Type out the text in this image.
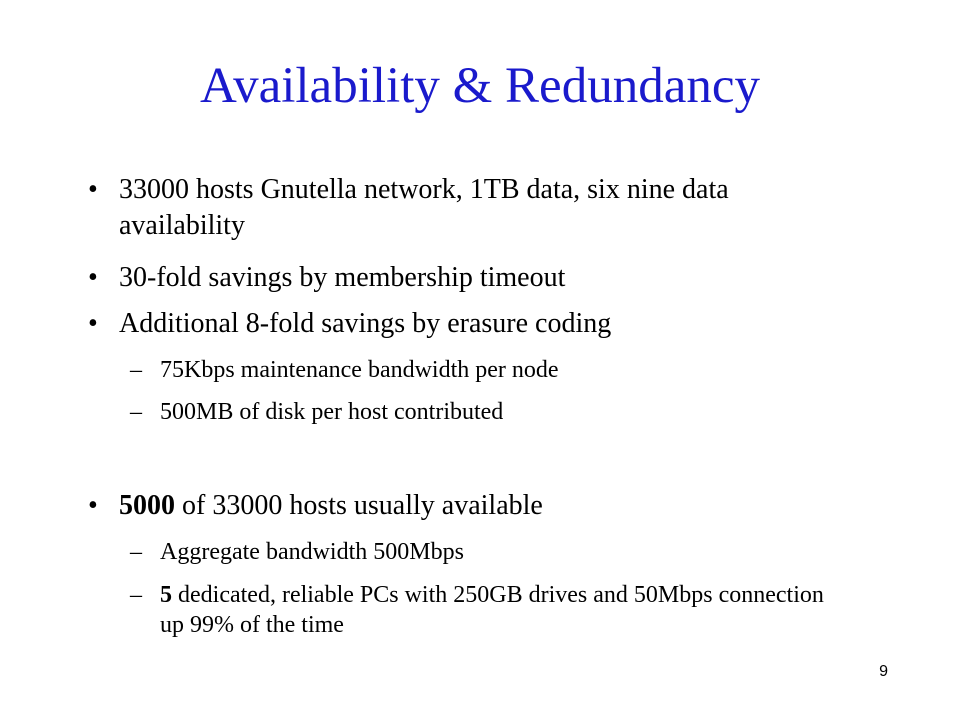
Availability & Redundancy
• 33000 hosts Gnutella network, 1TB data, six nine data availability
• 30-fold savings by membership timeout
• Additional 8-fold savings by erasure coding
– 75Kbps maintenance bandwidth per node
– 500MB of disk per host contributed
• 5000 of 33000 hosts usually available
– Aggregate bandwidth 500Mbps
– 5 dedicated, reliable PCs with 250GB drives and 50Mbps connection up 99% of the time
9
